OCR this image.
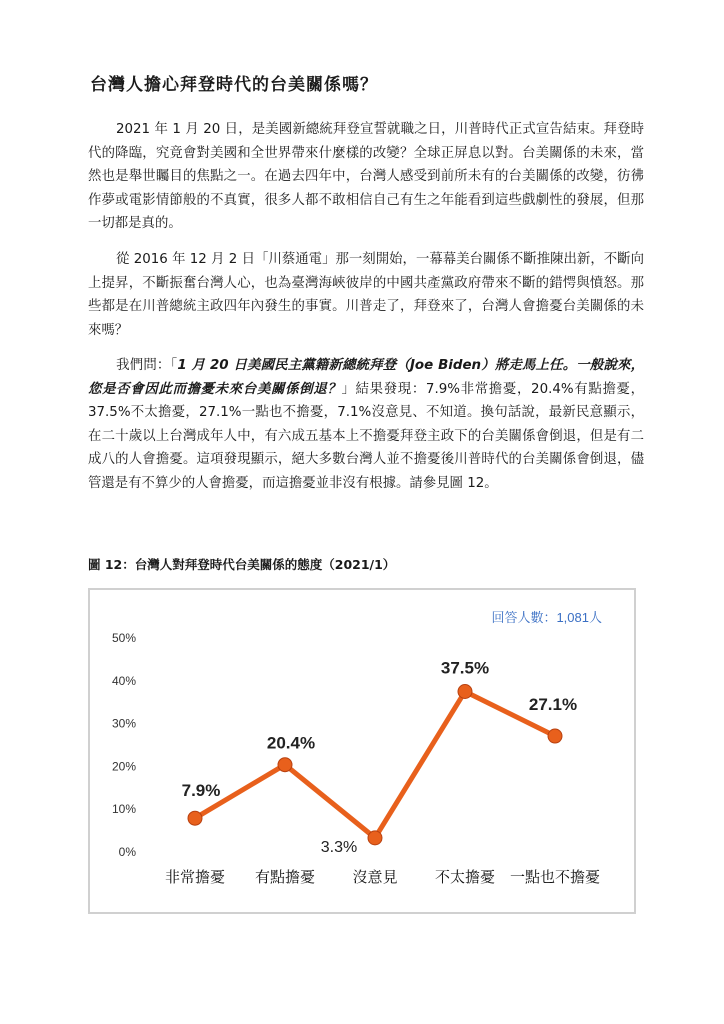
台灣人擔心拜登時代的台美關係嗎？

2021 年 1 月 20 日，是美國新總統拜登宣誓就職之日，川普時代正式宣告結束。拜登時代的降臨，究竟會對美國和全世界帶來什麼樣的改變？全球正屏息以對。台美關係的未來，當然也是舉世矚目的焦點之一。在過去四年中，台灣人感受到前所未有的台美關係的改變，彷彿作夢或電影情節般的不真實，很多人都不敢相信自己有生之年能看到這些戲劇性的發展，但那一切都是真的。

從 2016 年 12 月 2 日「川蔡通電」那一刻開始，一幕幕美台關係不斷推陳出新，不斷向上提昇，不斷振奮台灣人心，也為臺灣海峽彼岸的中國共產黨政府帶來不斷的錯愕與憤怒。那些都是在川普總統主政四年內發生的事實。川普走了，拜登來了，台灣人會擔憂台美關係的未來嗎？

我們問：「1 月 20 日美國民主黨籍新總統拜登（Joe Biden）將走馬上任。一般說來，您是否會因此而擔憂未來台美關係倒退？」結果發現：7.9%非常擔憂，20.4%有點擔憂，37.5%不太擔憂，27.1%一點也不擔憂，7.1%沒意見、不知道。換句話說，最新民意顯示，在二十歲以上台灣成年人中，有六成五基本上不擔憂拜登主政下的台美關係會倒退，但是有二成八的人會擔憂。這項發現顯示，絕大多數台灣人並不擔憂後川普時代的台美關係會倒退，儘管還是有不算少的人會擔憂，而這擔憂並非沒有根據。請參見圖 12。

圖 12：台灣人對拜登時代台美關係的態度（2021/1）
回答人數：1,081人
0%
10%
20%
30%
40%
50%
非常擔憂 有點擔憂 沒意見 不太擔憂 一點也不擔憂
7.9%
20.4%
3.3%
37.5%
27.1%
